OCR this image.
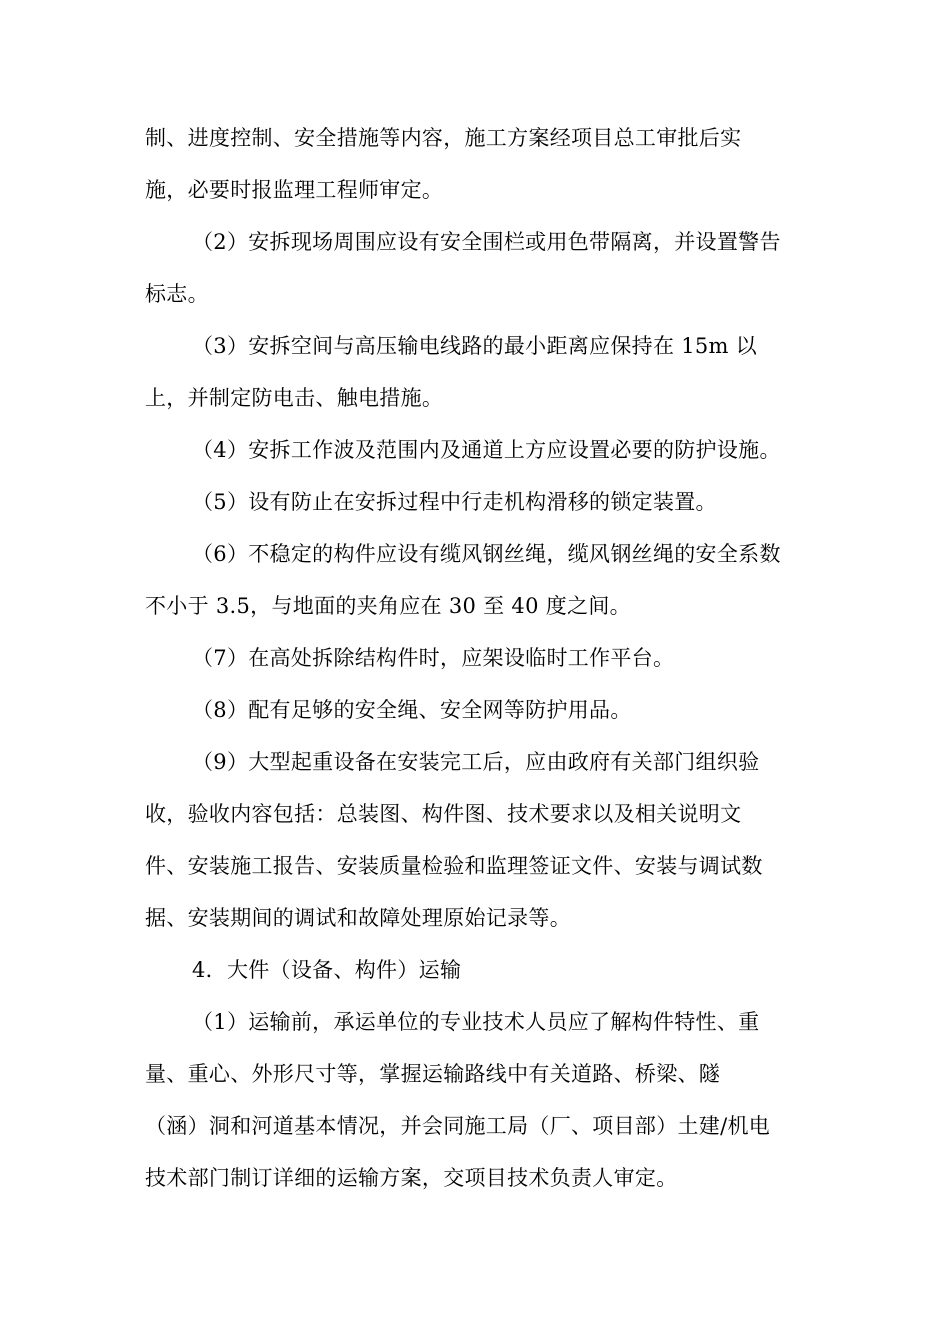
制、进度控制、安全措施等内容，施工方案经项目总工审批后实
施，必要时报监理工程师审定。
（2）安拆现场周围应设有安全围栏或用色带隔离，并设置警告
标志。
（3）安拆空间与高压输电线路的最小距离应保持在 15m 以
上，并制定防电击、触电措施。
（4）安拆工作波及范围内及通道上方应设置必要的防护设施。
（5）设有防止在安拆过程中行走机构滑移的锁定装置。
（6）不稳定的构件应设有缆风钢丝绳，缆风钢丝绳的安全系数
不小于 3.5，与地面的夹角应在 30 至 40 度之间。
（7）在高处拆除结构件时，应架设临时工作平台。
（8）配有足够的安全绳、安全网等防护用品。
（9）大型起重设备在安装完工后，应由政府有关部门组织验
收，验收内容包括：总装图、构件图、技术要求以及相关说明文
件、安装施工报告、安装质量检验和监理签证文件、安装与调试数
据、安装期间的调试和故障处理原始记录等。
4．大件（设备、构件）运输
（1）运输前，承运单位的专业技术人员应了解构件特性、重
量、重心、外形尺寸等，掌握运输路线中有关道路、桥梁、隧
（涵）洞和河道基本情况，并会同施工局（厂、项目部）土建/机电
技术部门制订详细的运输方案，交项目技术负责人审定。
